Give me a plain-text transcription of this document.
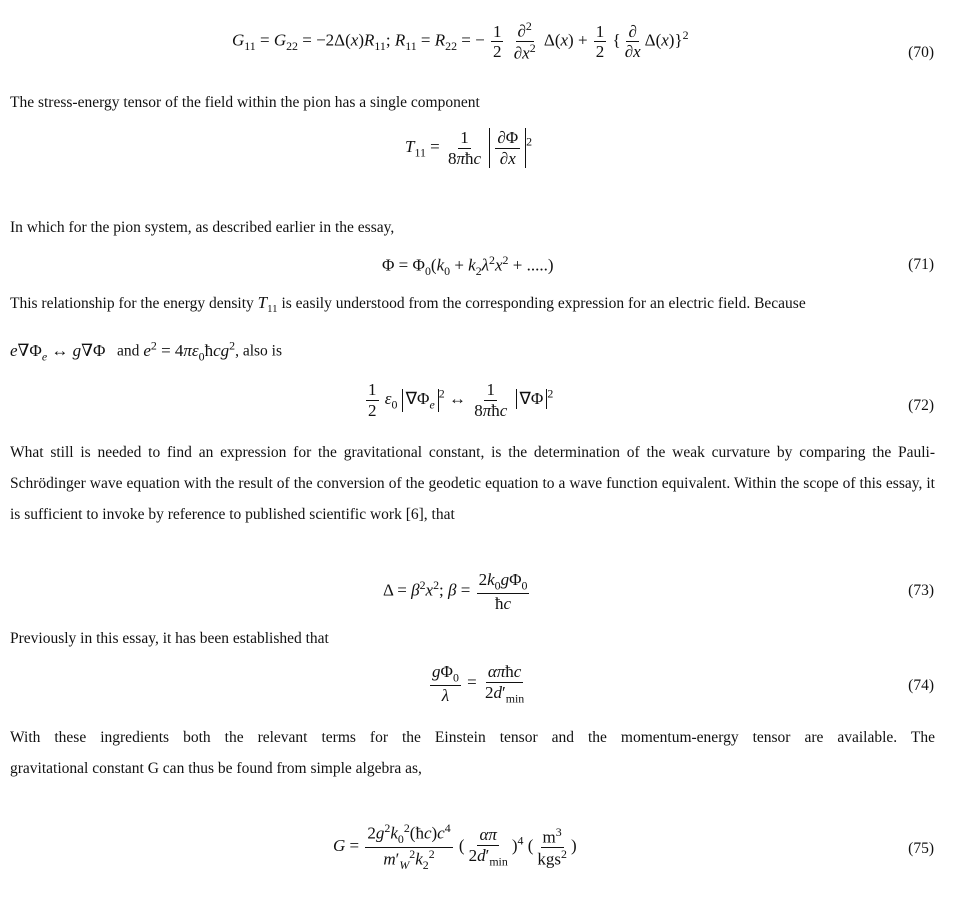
$G_{11} = G_{22} = -2\Delta(x)R_{11}$; $R_{11} = R_{22}$ = − $\frac{1}{2}$
$\frac{\partial^2}{\partial x^2} \Delta(x) + \frac{1}{2}$ { $\frac{\partial}{\partial x} \Delta(x)\}^2$
(70)
The stress-energy tensor of the field within the pion has a single component
$T_{11} = \frac{1}{\text{8πħc}}$
$\frac{\partial\Phi}{\partial x} ^2$
In which for the pion system, as described earlier in the essay,
$\Phi = \Phi_0(k_0 + k_2\lambda^2x^2$ + .....)	(71)
This relationship for the energy density $T_{11}$ is easily understood from the corresponding expression for an electric field. Because
$e\nabla\Phi_e$ ↔ g∇Φ   and $e^2$ = $4\pi\varepsilon_0ħcg^2$, also is
$\frac{1}{2} \varepsilon_0$ $\nabla\Phi_e^2$ ↔ $\frac{1}{\text{8πħc}} \nabla\Phi$ $^2$
(72)
What still is needed to find an expression for the gravitational constant, is the determination of the weak curvature by comparing the Pauli-Schrödinger wave equation with the result of the conversion of the geodetic equation to a wave function equivalent. Within the scope of this essay, it is sufficient to invoke by reference to published scientific work [6], that
$\Delta = \beta^2x^2$; $\beta = \frac{2k_0g\Phi_0}{ħc}$	(73)
Previously in this essay, it has been established that
$\frac{g\Phi_0}{\lambda} = \frac{\text{απħc}}{2d'_{min}}$	(74)
With these ingredients both the relevant terms for the Einstein tensor and the momentum-energy tensor are available. The
gravitational constant G can thus be found from simple algebra as,
$G = \frac{2g^2k_0^2(ħc)c^4}{m'_W^2k_2^2}$ ( $\frac{\alpha\pi}{2d'_{min}} )^4$ ( $\frac{m^3}{kgs^2}$ )	(75)
